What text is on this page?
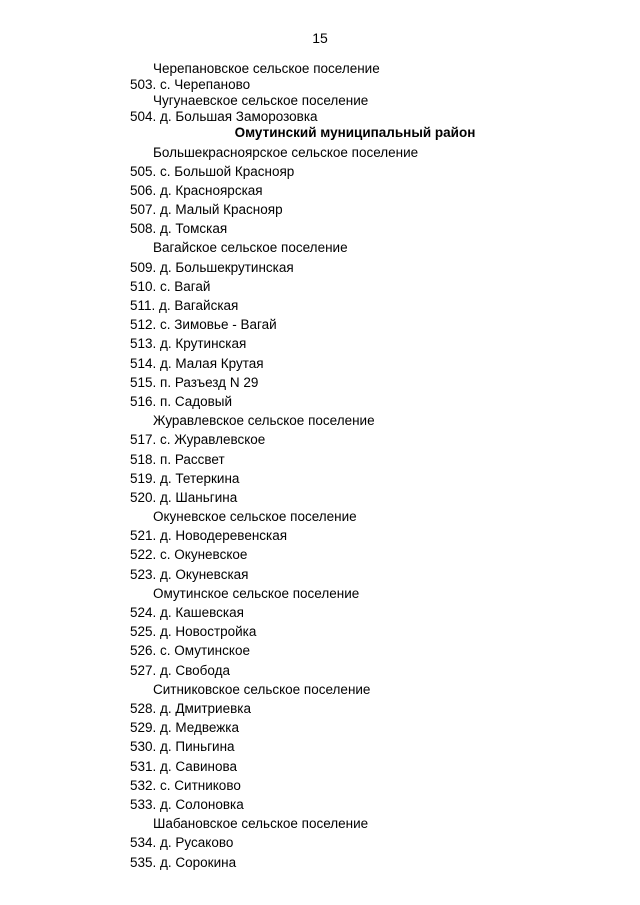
15
Черепановское сельское поселение
503. с. Черепаново
Чугунаевское сельское поселение
504. д. Большая Заморозовка
Омутинский муниципальный район
Большекрасноярское сельское поселение
505. с. Большой Краснояр
506. д. Красноярская
507. д. Малый Краснояр
508. д. Томская
Вагайское сельское поселение
509. д. Большекрутинская
510. с. Вагай
511. д. Вагайская
512. с. Зимовье - Вагай
513. д. Крутинская
514. д. Малая Крутая
515. п. Разъезд N 29
516. п. Садовый
Журавлевское сельское поселение
517. с. Журавлевское
518. п. Рассвет
519. д. Тетеркина
520. д. Шаньгина
Окуневское сельское поселение
521. д. Новодеревенская
522. с. Окуневское
523. д. Окуневская
Омутинское сельское поселение
524. д. Кашевская
525. д. Новостройка
526. с. Омутинское
527. д. Свобода
Ситниковское сельское поселение
528. д. Дмитриевка
529. д. Медвежка
530. д. Пиньгина
531. д. Савинова
532. с. Ситниково
533. д. Солоновка
Шабановское сельское поселение
534. д. Русаково
535. д. Сорокина
